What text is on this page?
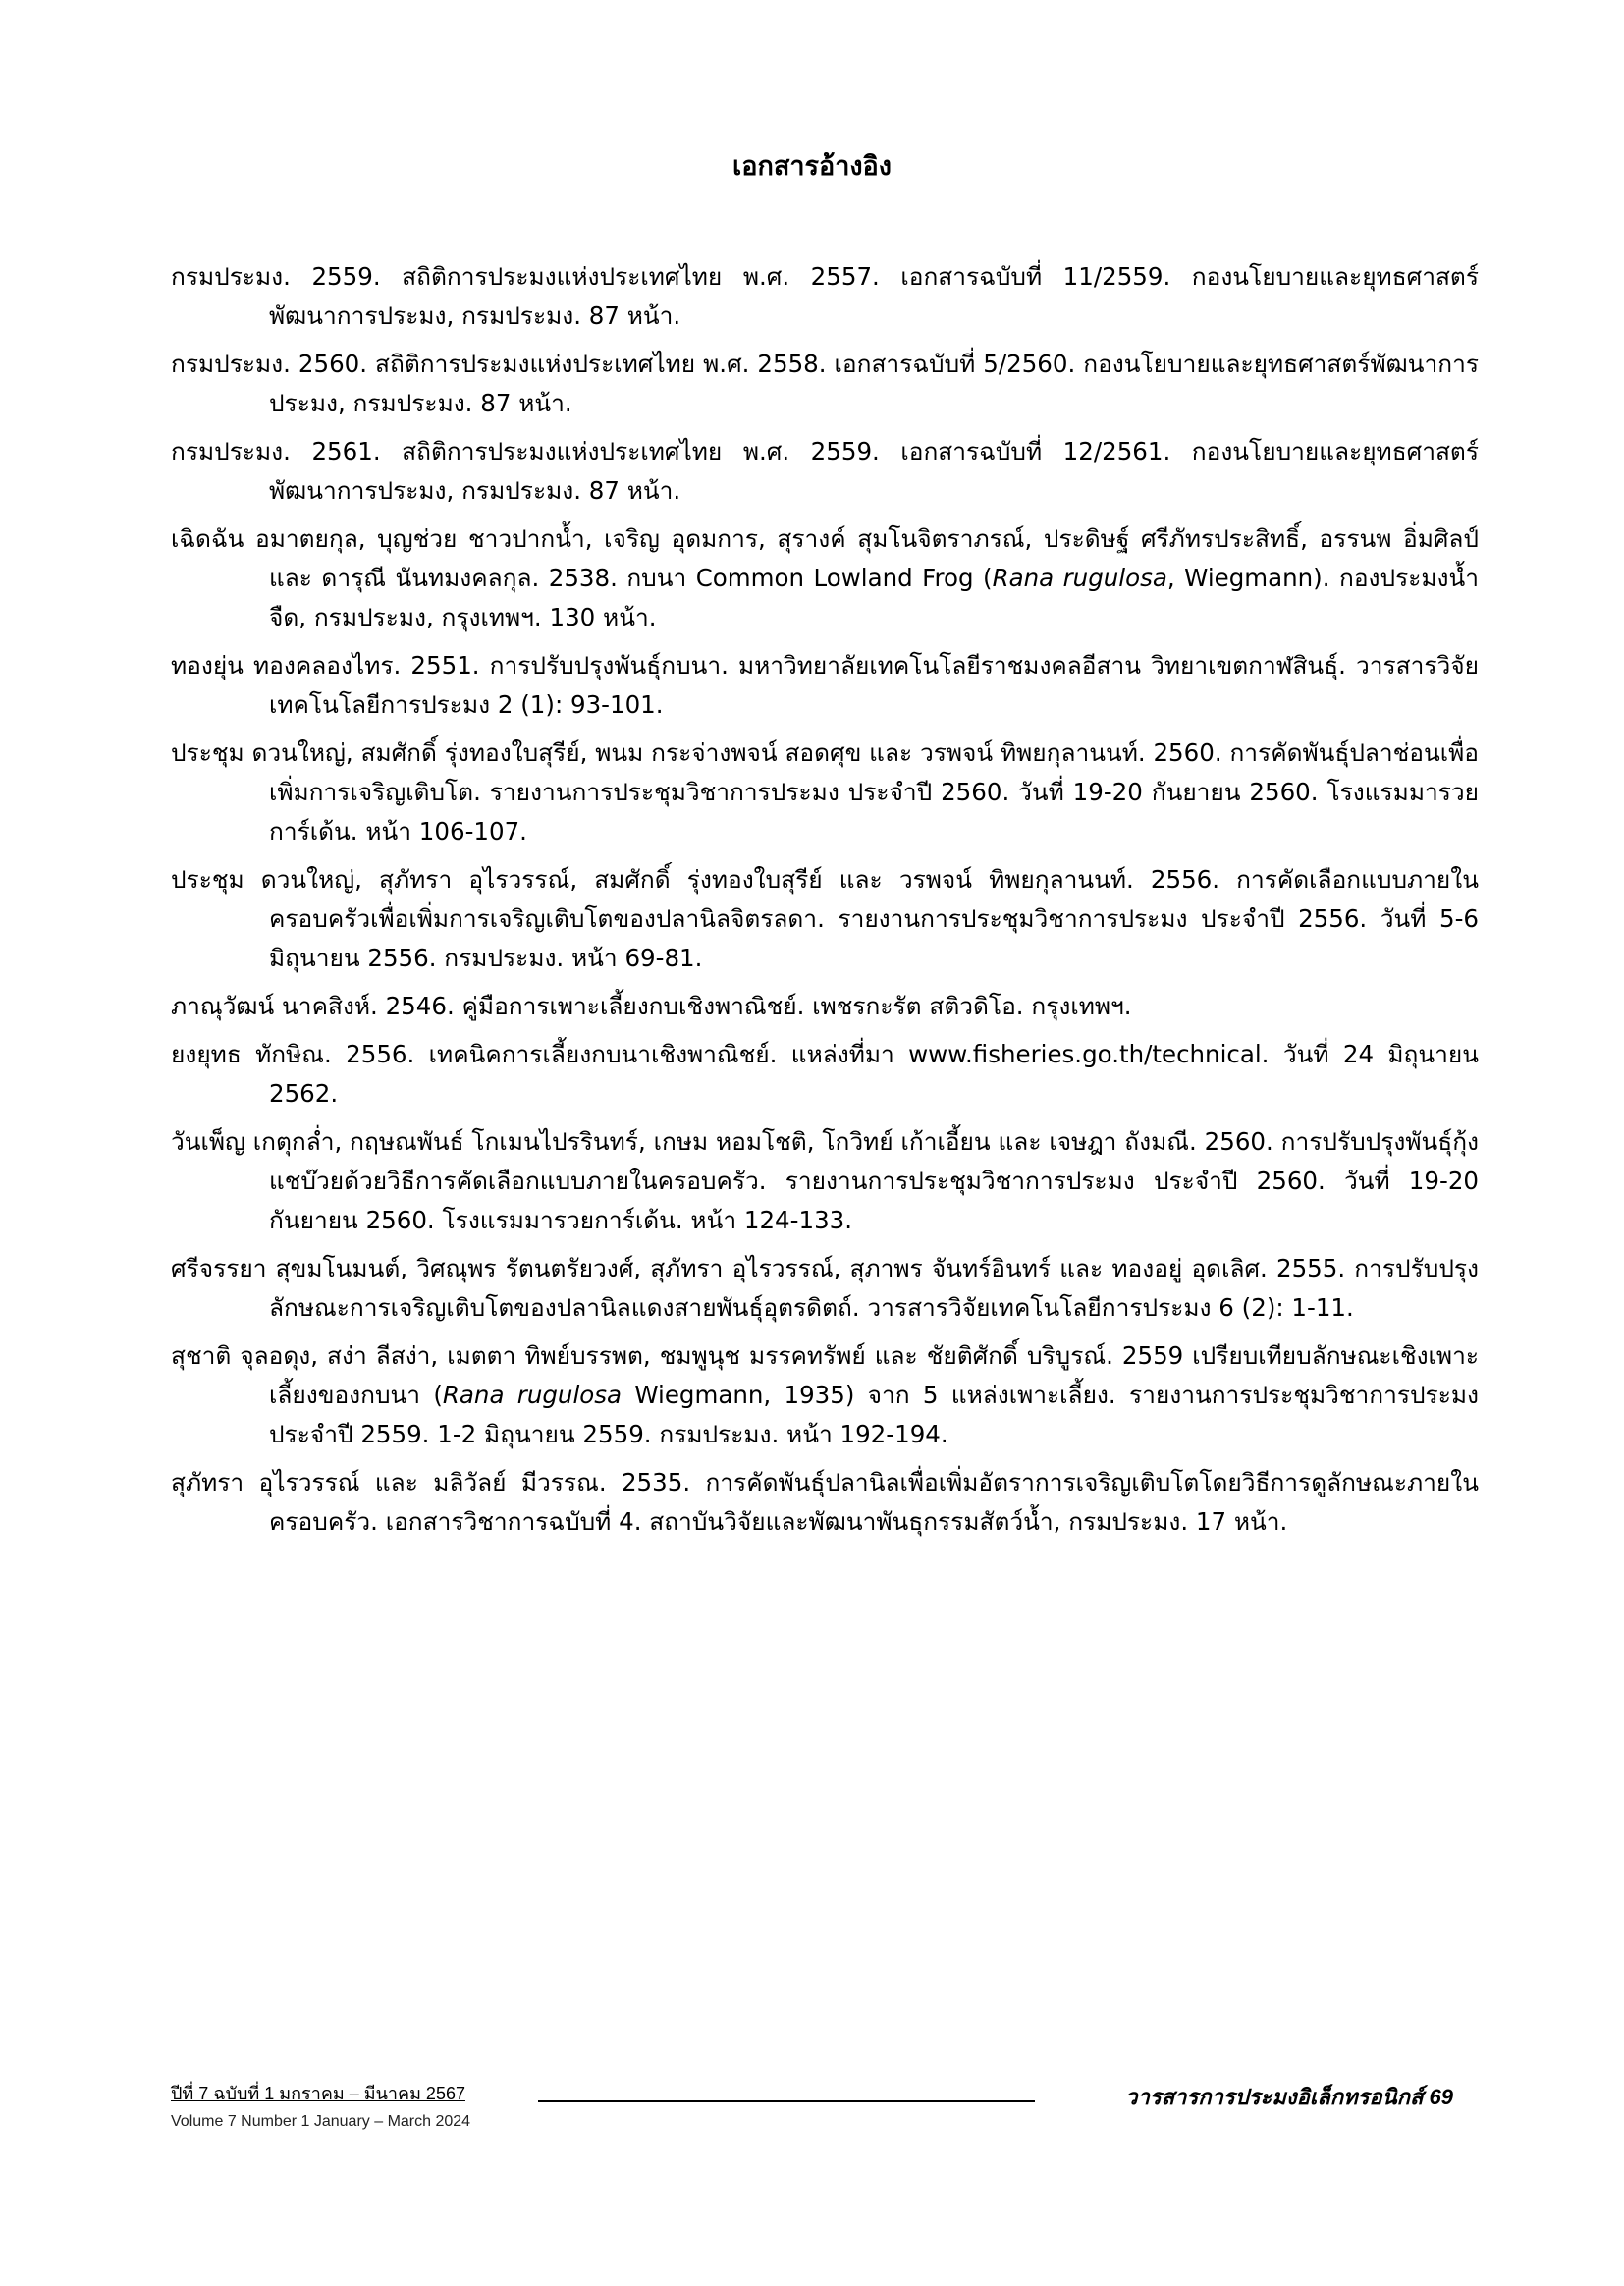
เอกสารอ้างอิง
กรมประมง. 2559. สถิติการประมงแห่งประเทศไทย พ.ศ. 2557. เอกสารฉบับที่ 11/2559. กองนโยบายและยุทธศาสตร์พัฒนาการประมง, กรมประมง. 87 หน้า.
กรมประมง. 2560. สถิติการประมงแห่งประเทศไทย พ.ศ. 2558. เอกสารฉบับที่ 5/2560. กองนโยบายและยุทธศาสตร์พัฒนาการประมง, กรมประมง. 87 หน้า.
กรมประมง. 2561. สถิติการประมงแห่งประเทศไทย พ.ศ. 2559. เอกสารฉบับที่ 12/2561. กองนโยบายและยุทธศาสตร์พัฒนาการประมง, กรมประมง. 87 หน้า.
เฉิดฉัน อมาตยกุล, บุญช่วย ชาวปากน้ำ, เจริญ อุดมการ, สุรางค์ สุมโนจิตราภรณ์, ประดิษฐ์ ศรีภัทรประสิทธิ์, อรรนพ อิ่มศิลป์ และ ดารุณี นันทมงคลกุล. 2538. กบนา Common Lowland Frog (Rana rugulosa, Wiegmann). กองประมงน้ำจืด, กรมประมง, กรุงเทพฯ. 130 หน้า.
ทองยุ่น ทองคลองไทร. 2551. การปรับปรุงพันธุ์กบนา. มหาวิทยาลัยเทคโนโลยีราชมงคลอีสาน วิทยาเขตกาฬสินธุ์. วารสารวิจัยเทคโนโลยีการประมง 2 (1): 93-101.
ประชุม ดวนใหญ่, สมศักดิ์ รุ่งทองใบสุรีย์, พนม กระจ่างพจน์ สอดศุข และ วรพจน์ ทิพยกุลานนท์. 2560. การคัดพันธุ์ปลาช่อนเพื่อเพิ่มการเจริญเติบโต. รายงานการประชุมวิชาการประมง ประจำปี 2560. วันที่ 19-20 กันยายน 2560. โรงแรมมารวยการ์เด้น. หน้า 106-107.
ประชุม ดวนใหญ่, สุภัทรา อุไรวรรณ์, สมศักดิ์ รุ่งทองใบสุรีย์ และ วรพจน์ ทิพยกุลานนท์. 2556. การคัดเลือกแบบภายในครอบครัวเพื่อเพิ่มการเจริญเติบโตของปลานิลจิตรลดา. รายงานการประชุมวิชาการประมง ประจำปี 2556. วันที่ 5-6 มิถุนายน 2556. กรมประมง. หน้า 69-81.
ภาณุวัฒน์ นาคสิงห์. 2546. คู่มือการเพาะเลี้ยงกบเชิงพาณิชย์. เพชรกะรัต สติวดิโอ. กรุงเทพฯ.
ยงยุทธ ทักษิณ. 2556. เทคนิคการเลี้ยงกบนาเชิงพาณิชย์. แหล่งที่มา www.fisheries.go.th/technical. วันที่ 24 มิถุนายน 2562.
วันเพ็ญ เกตุกล่ำ, กฤษณพันธ์ โกเมนไปรรินทร์, เกษม หอมโชติ, โกวิทย์ เก้าเอี้ยน และ เจษฎา ถังมณี. 2560. การปรับปรุงพันธุ์กุ้งแชบ๊วยด้วยวิธีการคัดเลือกแบบภายในครอบครัว. รายงานการประชุมวิชาการประมง ประจำปี 2560. วันที่ 19-20 กันยายน 2560. โรงแรมมารวยการ์เด้น. หน้า 124-133.
ศรีจรรยา สุขมโนมนต์, วิศณุพร รัตนตรัยวงศ์, สุภัทรา อุไรวรรณ์, สุภาพร จันทร์อินทร์ และ ทองอยู่ อุดเลิศ. 2555. การปรับปรุงลักษณะการเจริญเติบโตของปลานิลแดงสายพันธุ์อุตรดิตถ์. วารสารวิจัยเทคโนโลยีการประมง 6 (2): 1-11.
สุชาติ จุลอดุง, สง่า ลีสง่า, เมตตา ทิพย์บรรพต, ชมพูนุช มรรคทรัพย์ และ ชัยติศักดิ์ บริบูรณ์. 2559 เปรียบเทียบลักษณะเชิงเพาะเลี้ยงของกบนา (Rana rugulosa Wiegmann, 1935) จาก 5 แหล่งเพาะเลี้ยง. รายงานการประชุมวิชาการประมง ประจำปี 2559. 1-2 มิถุนายน 2559. กรมประมง. หน้า 192-194.
สุภัทรา อุไรวรรณ์ และ มลิวัลย์ มีวรรณ. 2535. การคัดพันธุ์ปลานิลเพื่อเพิ่มอัตราการเจริญเติบโตโดยวิธีการดูลักษณะภายในครอบครัว. เอกสารวิชาการฉบับที่ 4. สถาบันวิจัยและพัฒนาพันธุกรรมสัตว์น้ำ, กรมประมง. 17 หน้า.
ปีที่ 7 ฉบับที่ 1 มกราคม – มีนาคม 2567
Volume 7 Number 1 January – March 2024
วารสารการประมงอิเล็กทรอนิกส์ 69
